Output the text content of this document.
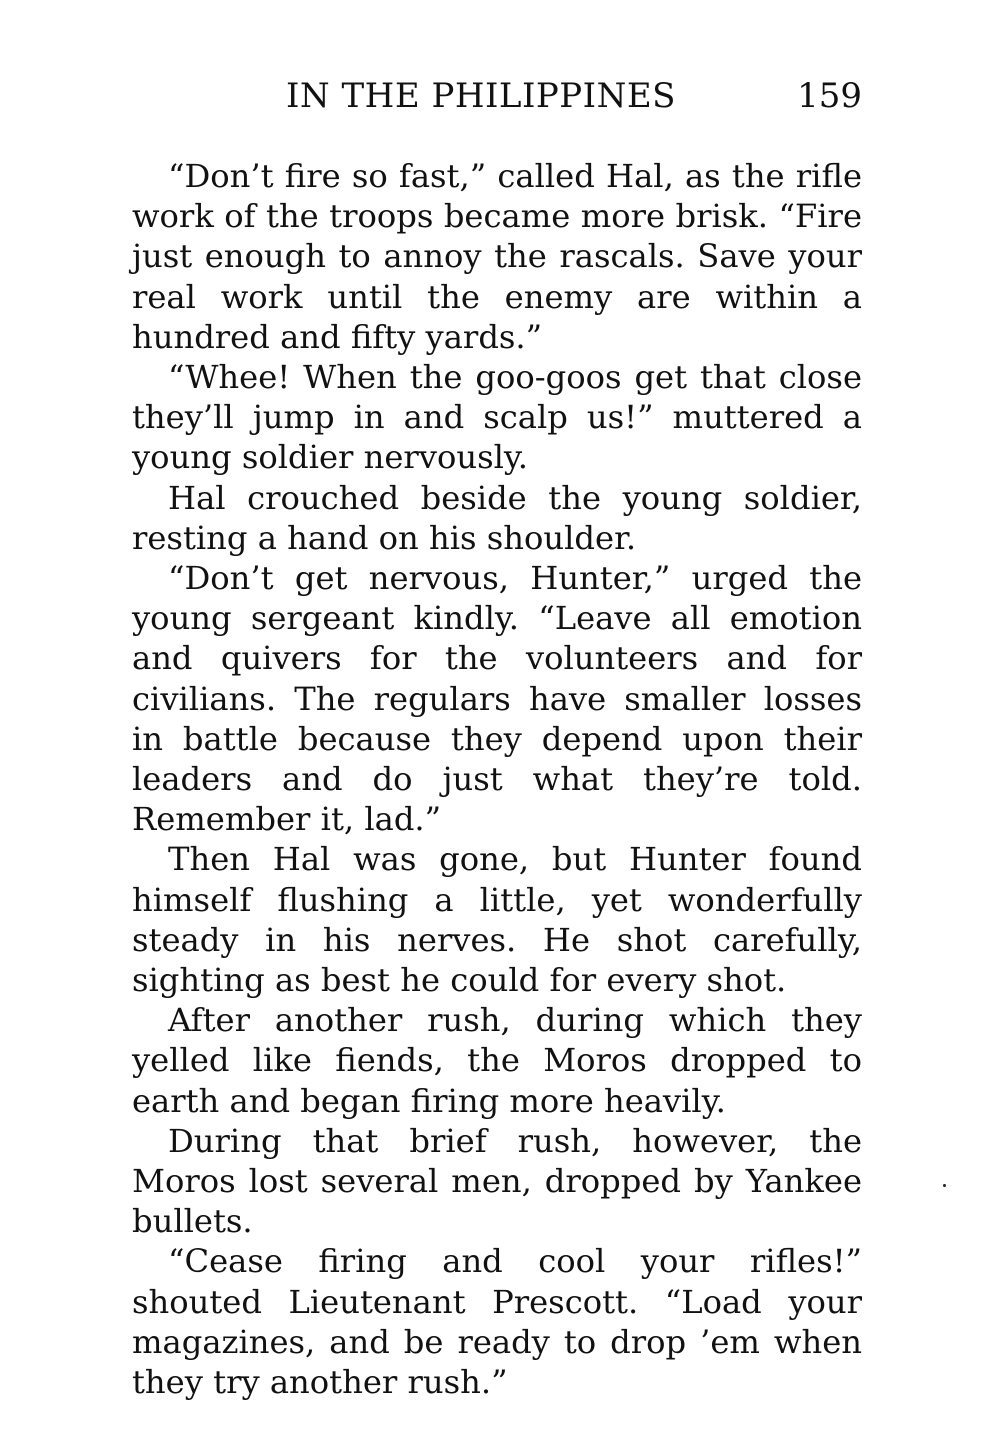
IN THE PHILIPPINES	159

“Don’t fire so fast,” called Hal, as the rifle work of the troops became more brisk. “Fire just enough to annoy the rascals. Save your real work until the enemy are within a hundred and fifty yards.”

“Whee! When the goo-goos get that close they’ll jump in and scalp us!” muttered a young soldier nervously.

Hal crouched beside the young soldier, resting a hand on his shoulder.

“Don’t get nervous, Hunter,” urged the young sergeant kindly. “Leave all emotion and quivers for the volunteers and for civilians. The regulars have smaller losses in battle because they depend upon their leaders and do just what they’re told. Remember it, lad.”

Then Hal was gone, but Hunter found himself flushing a little, yet wonderfully steady in his nerves. He shot carefully, sighting as best he could for every shot.

After another rush, during which they yelled like fiends, the Moros dropped to earth and began firing more heavily.

During that brief rush, however, the Moros lost several men, dropped by Yankee bullets.

“Cease firing and cool your rifles!” shouted Lieutenant Prescott. “Load your magazines, and be ready to drop ’em when they try another rush.”
